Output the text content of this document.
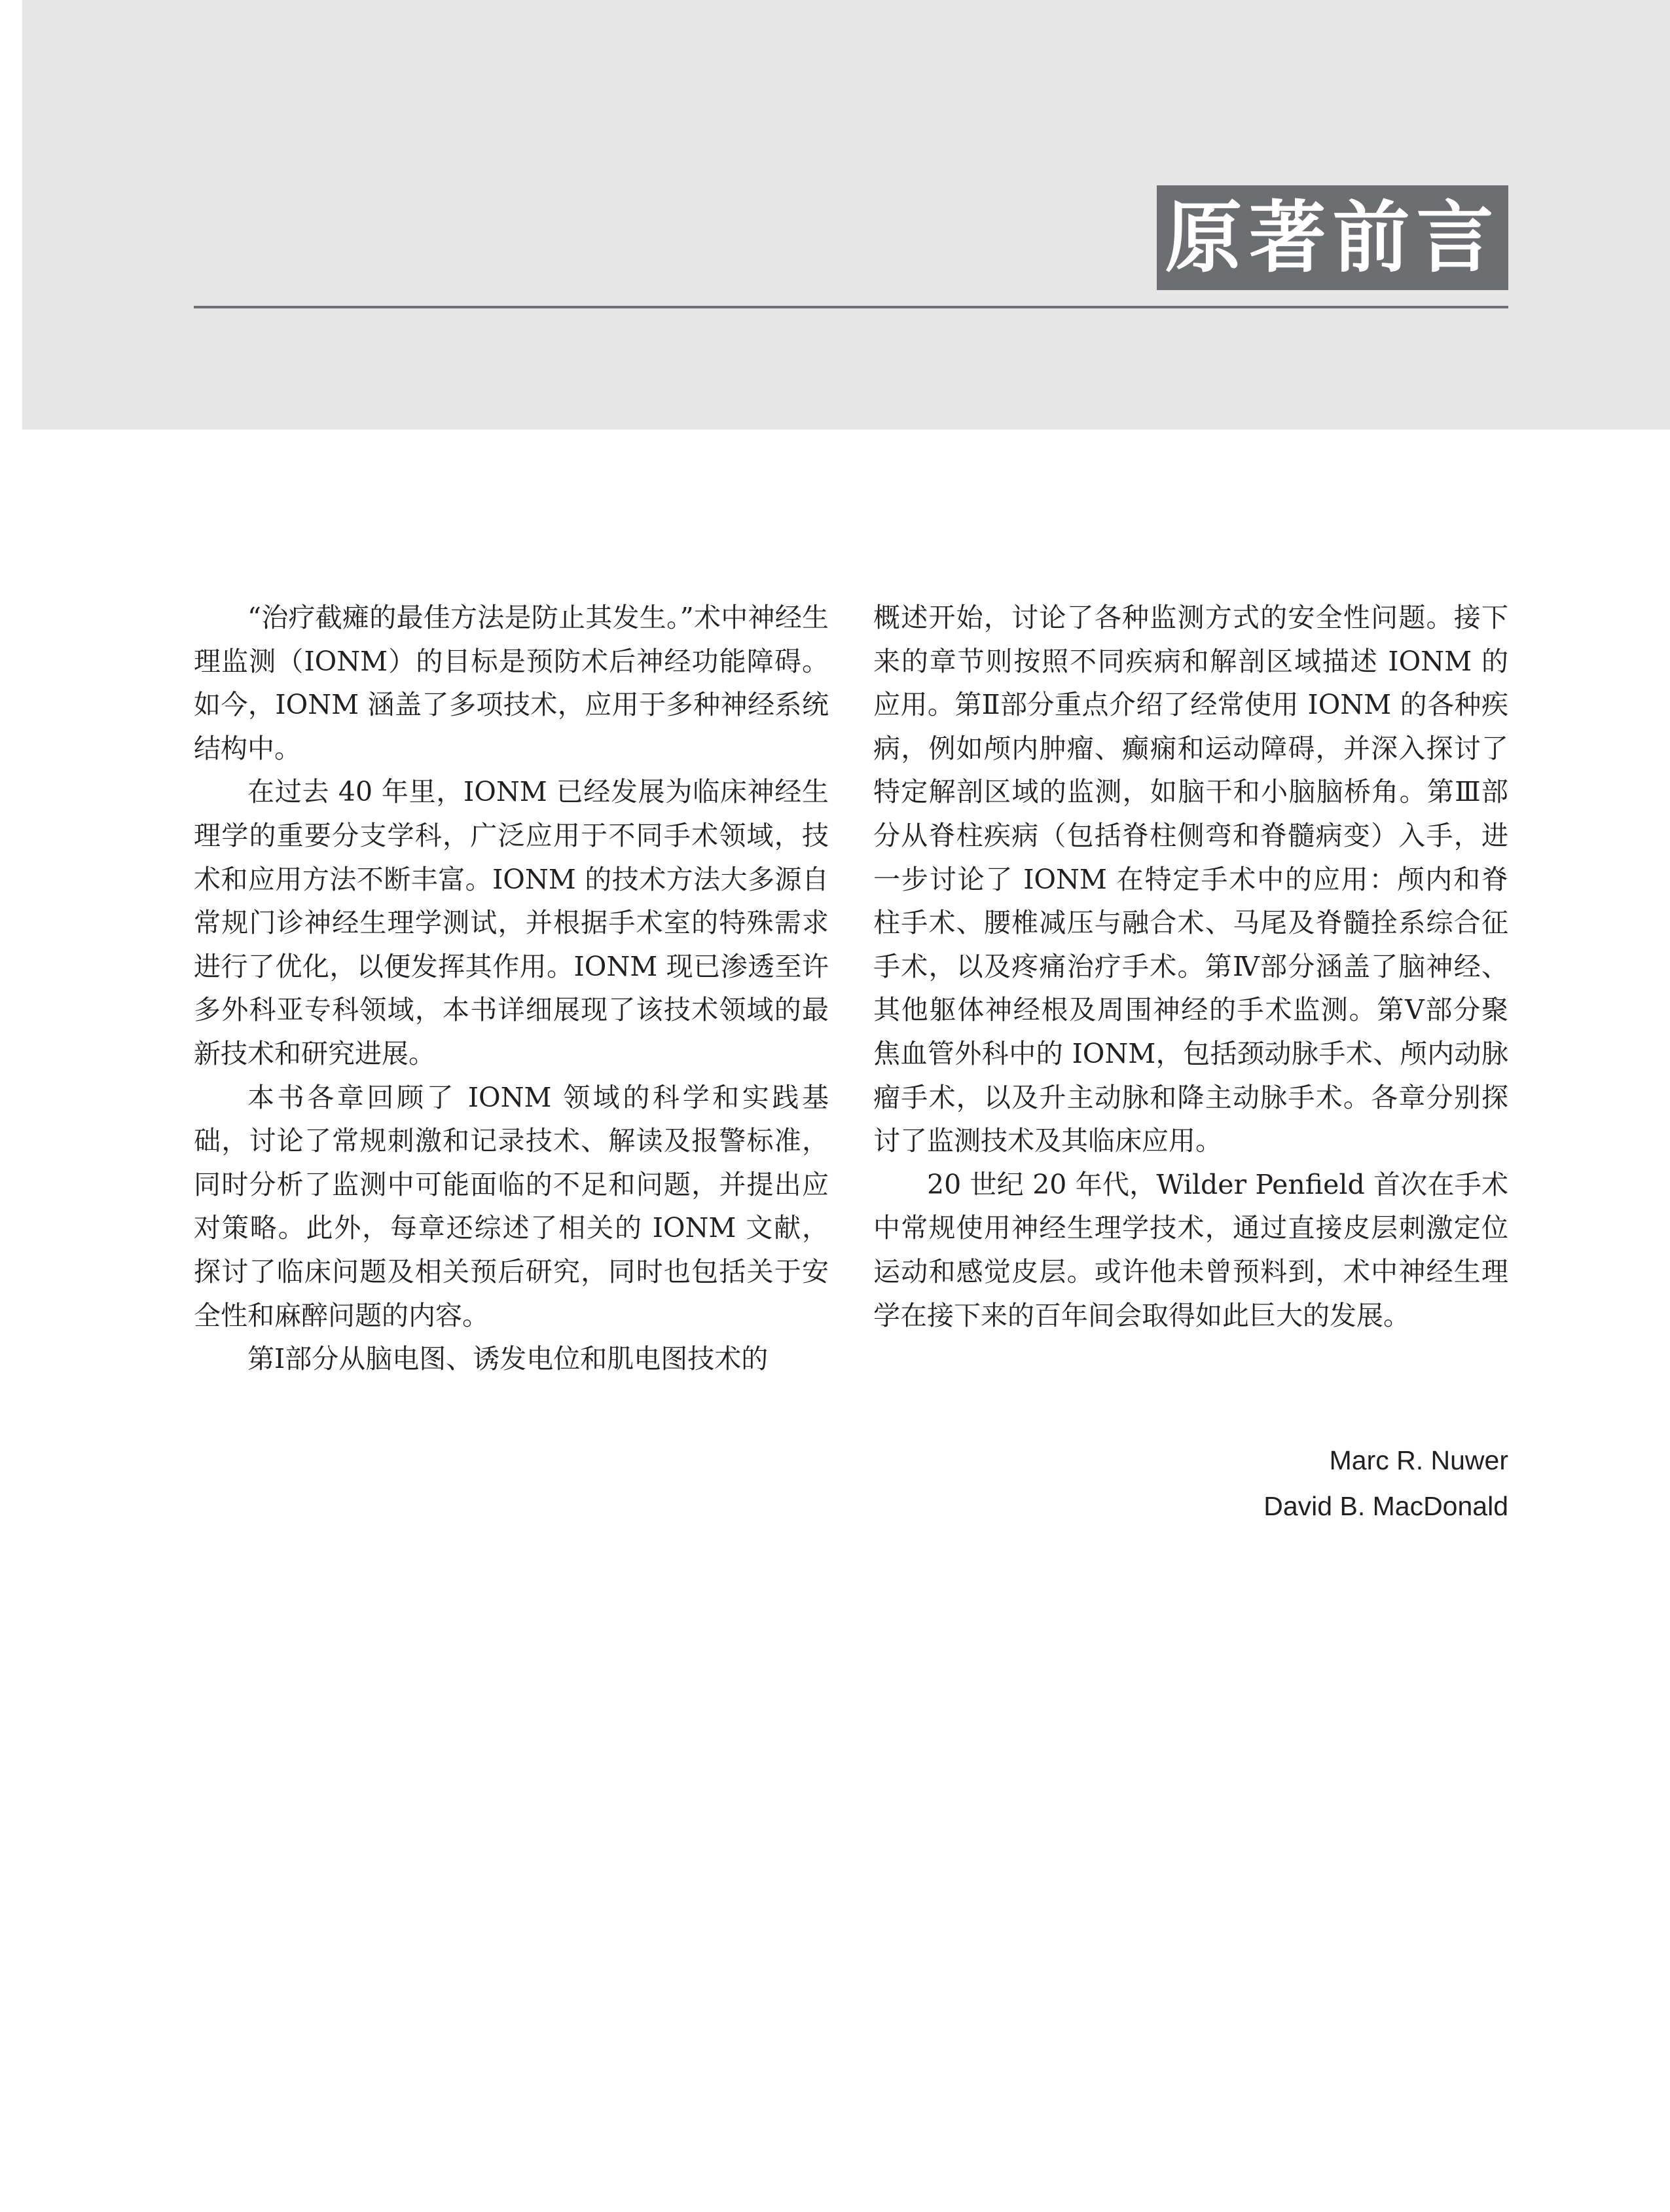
原著前言

“治疗截瘫的最佳方法是防止其发生。”术中神经生理监测（IONM）的目标是预防术后神经功能障碍。如今，IONM 涵盖了多项技术，应用于多种神经系统结构中。

在过去 40 年里，IONM 已经发展为临床神经生理学的重要分支学科，广泛应用于不同手术领域，技术和应用方法不断丰富。IONM 的技术方法大多源自常规门诊神经生理学测试，并根据手术室的特殊需求进行了优化，以便发挥其作用。IONM 现已渗透至许多外科亚专科领域，本书详细展现了该技术领域的最新技术和研究进展。

本书各章回顾了 IONM 领域的科学和实践基础，讨论了常规刺激和记录技术、解读及报警标准，同时分析了监测中可能面临的不足和问题，并提出应对策略。此外，每章还综述了相关的 IONM 文献，探讨了临床问题及相关预后研究，同时也包括关于安全性和麻醉问题的内容。

第Ⅰ部分从脑电图、诱发电位和肌电图技术的

概述开始，讨论了各种监测方式的安全性问题。接下来的章节则按照不同疾病和解剖区域描述 IONM 的应用。第Ⅱ部分重点介绍了经常使用 IONM 的各种疾病，例如颅内肿瘤、癫痫和运动障碍，并深入探讨了特定解剖区域的监测，如脑干和小脑脑桥角。第Ⅲ部分从脊柱疾病（包括脊柱侧弯和脊髓病变）入手，进一步讨论了 IONM 在特定手术中的应用：颅内和脊柱手术、腰椎减压与融合术、马尾及脊髓拴系综合征手术，以及疼痛治疗手术。第Ⅳ部分涵盖了脑神经、其他躯体神经根及周围神经的手术监测。第Ⅴ部分聚焦血管外科中的 IONM，包括颈动脉手术、颅内动脉瘤手术，以及升主动脉和降主动脉手术。各章分别探讨了监测技术及其临床应用。

20 世纪 20 年代，Wilder Penfield 首次在手术中常规使用神经生理学技术，通过直接皮层刺激定位运动和感觉皮层。或许他未曾预料到，术中神经生理学在接下来的百年间会取得如此巨大的发展。

Marc R. Nuwer
David B. MacDonald
